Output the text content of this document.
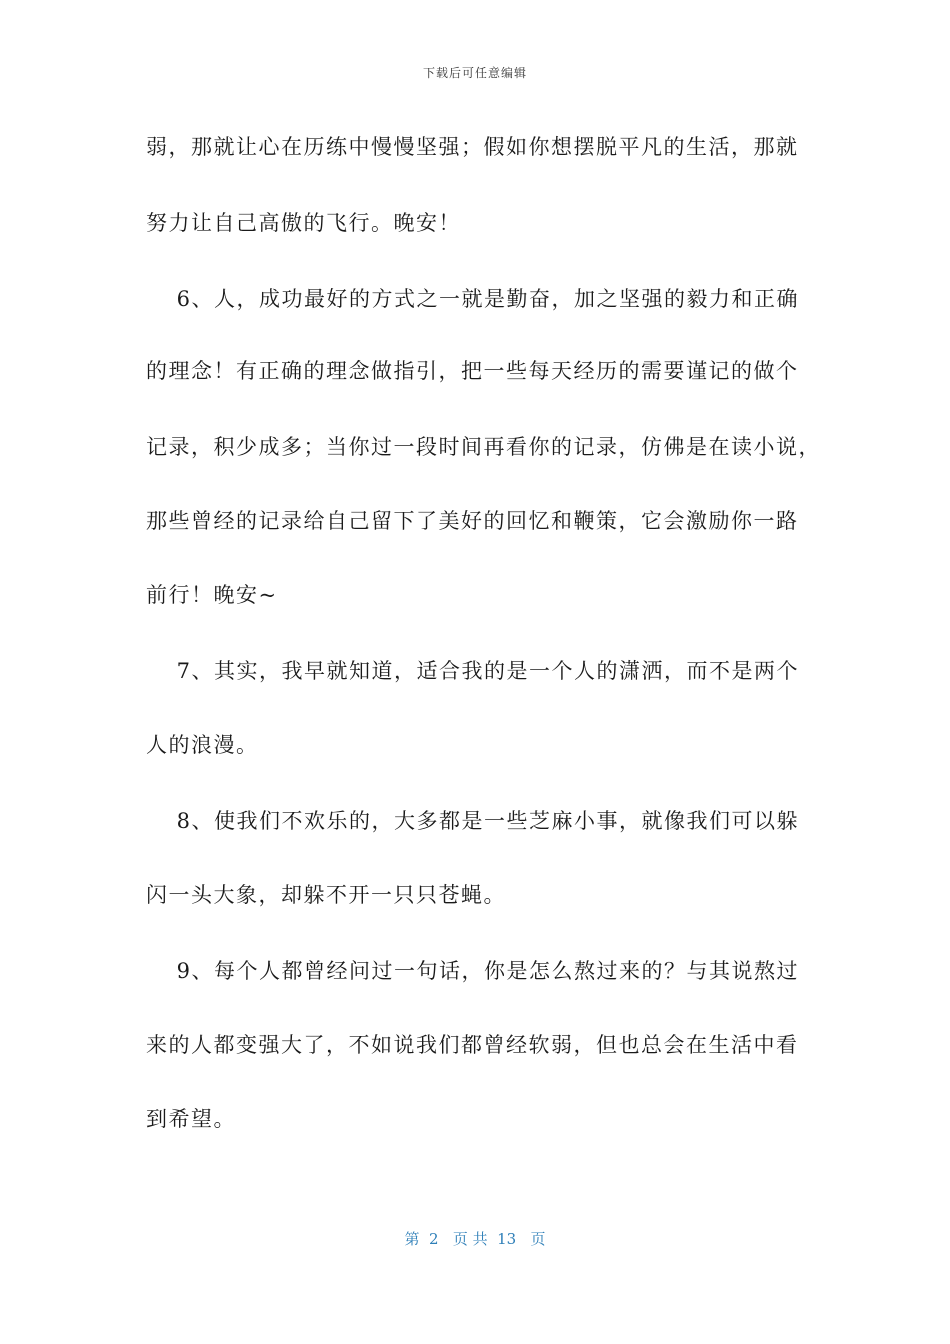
下载后可任意编辑
弱，那就让心在历练中慢慢坚强；假如你想摆脱平凡的生活，那就
努力让自己高傲的飞行。晚安！
　 6、人，成功最好的方式之一就是勤奋，加之坚强的毅力和正确
的理念！有正确的理念做指引，把一些每天经历的需要谨记的做个
记录，积少成多；当你过一段时间再看你的记录，仿佛是在读小说，
那些曾经的记录给自己留下了美好的回忆和鞭策，它会激励你一路
前行！晚安~
　 7、其实，我早就知道，适合我的是一个人的潇洒，而不是两个
人的浪漫。
　 8、使我们不欢乐的，大多都是一些芝麻小事，就像我们可以躲
闪一头大象，却躲不开一只只苍蝇。
　 9、每个人都曾经问过一句话，你是怎么熬过来的？与其说熬过
来的人都变强大了，不如说我们都曾经软弱，但也总会在生活中看
到希望。
第  2   页 共  13   页
